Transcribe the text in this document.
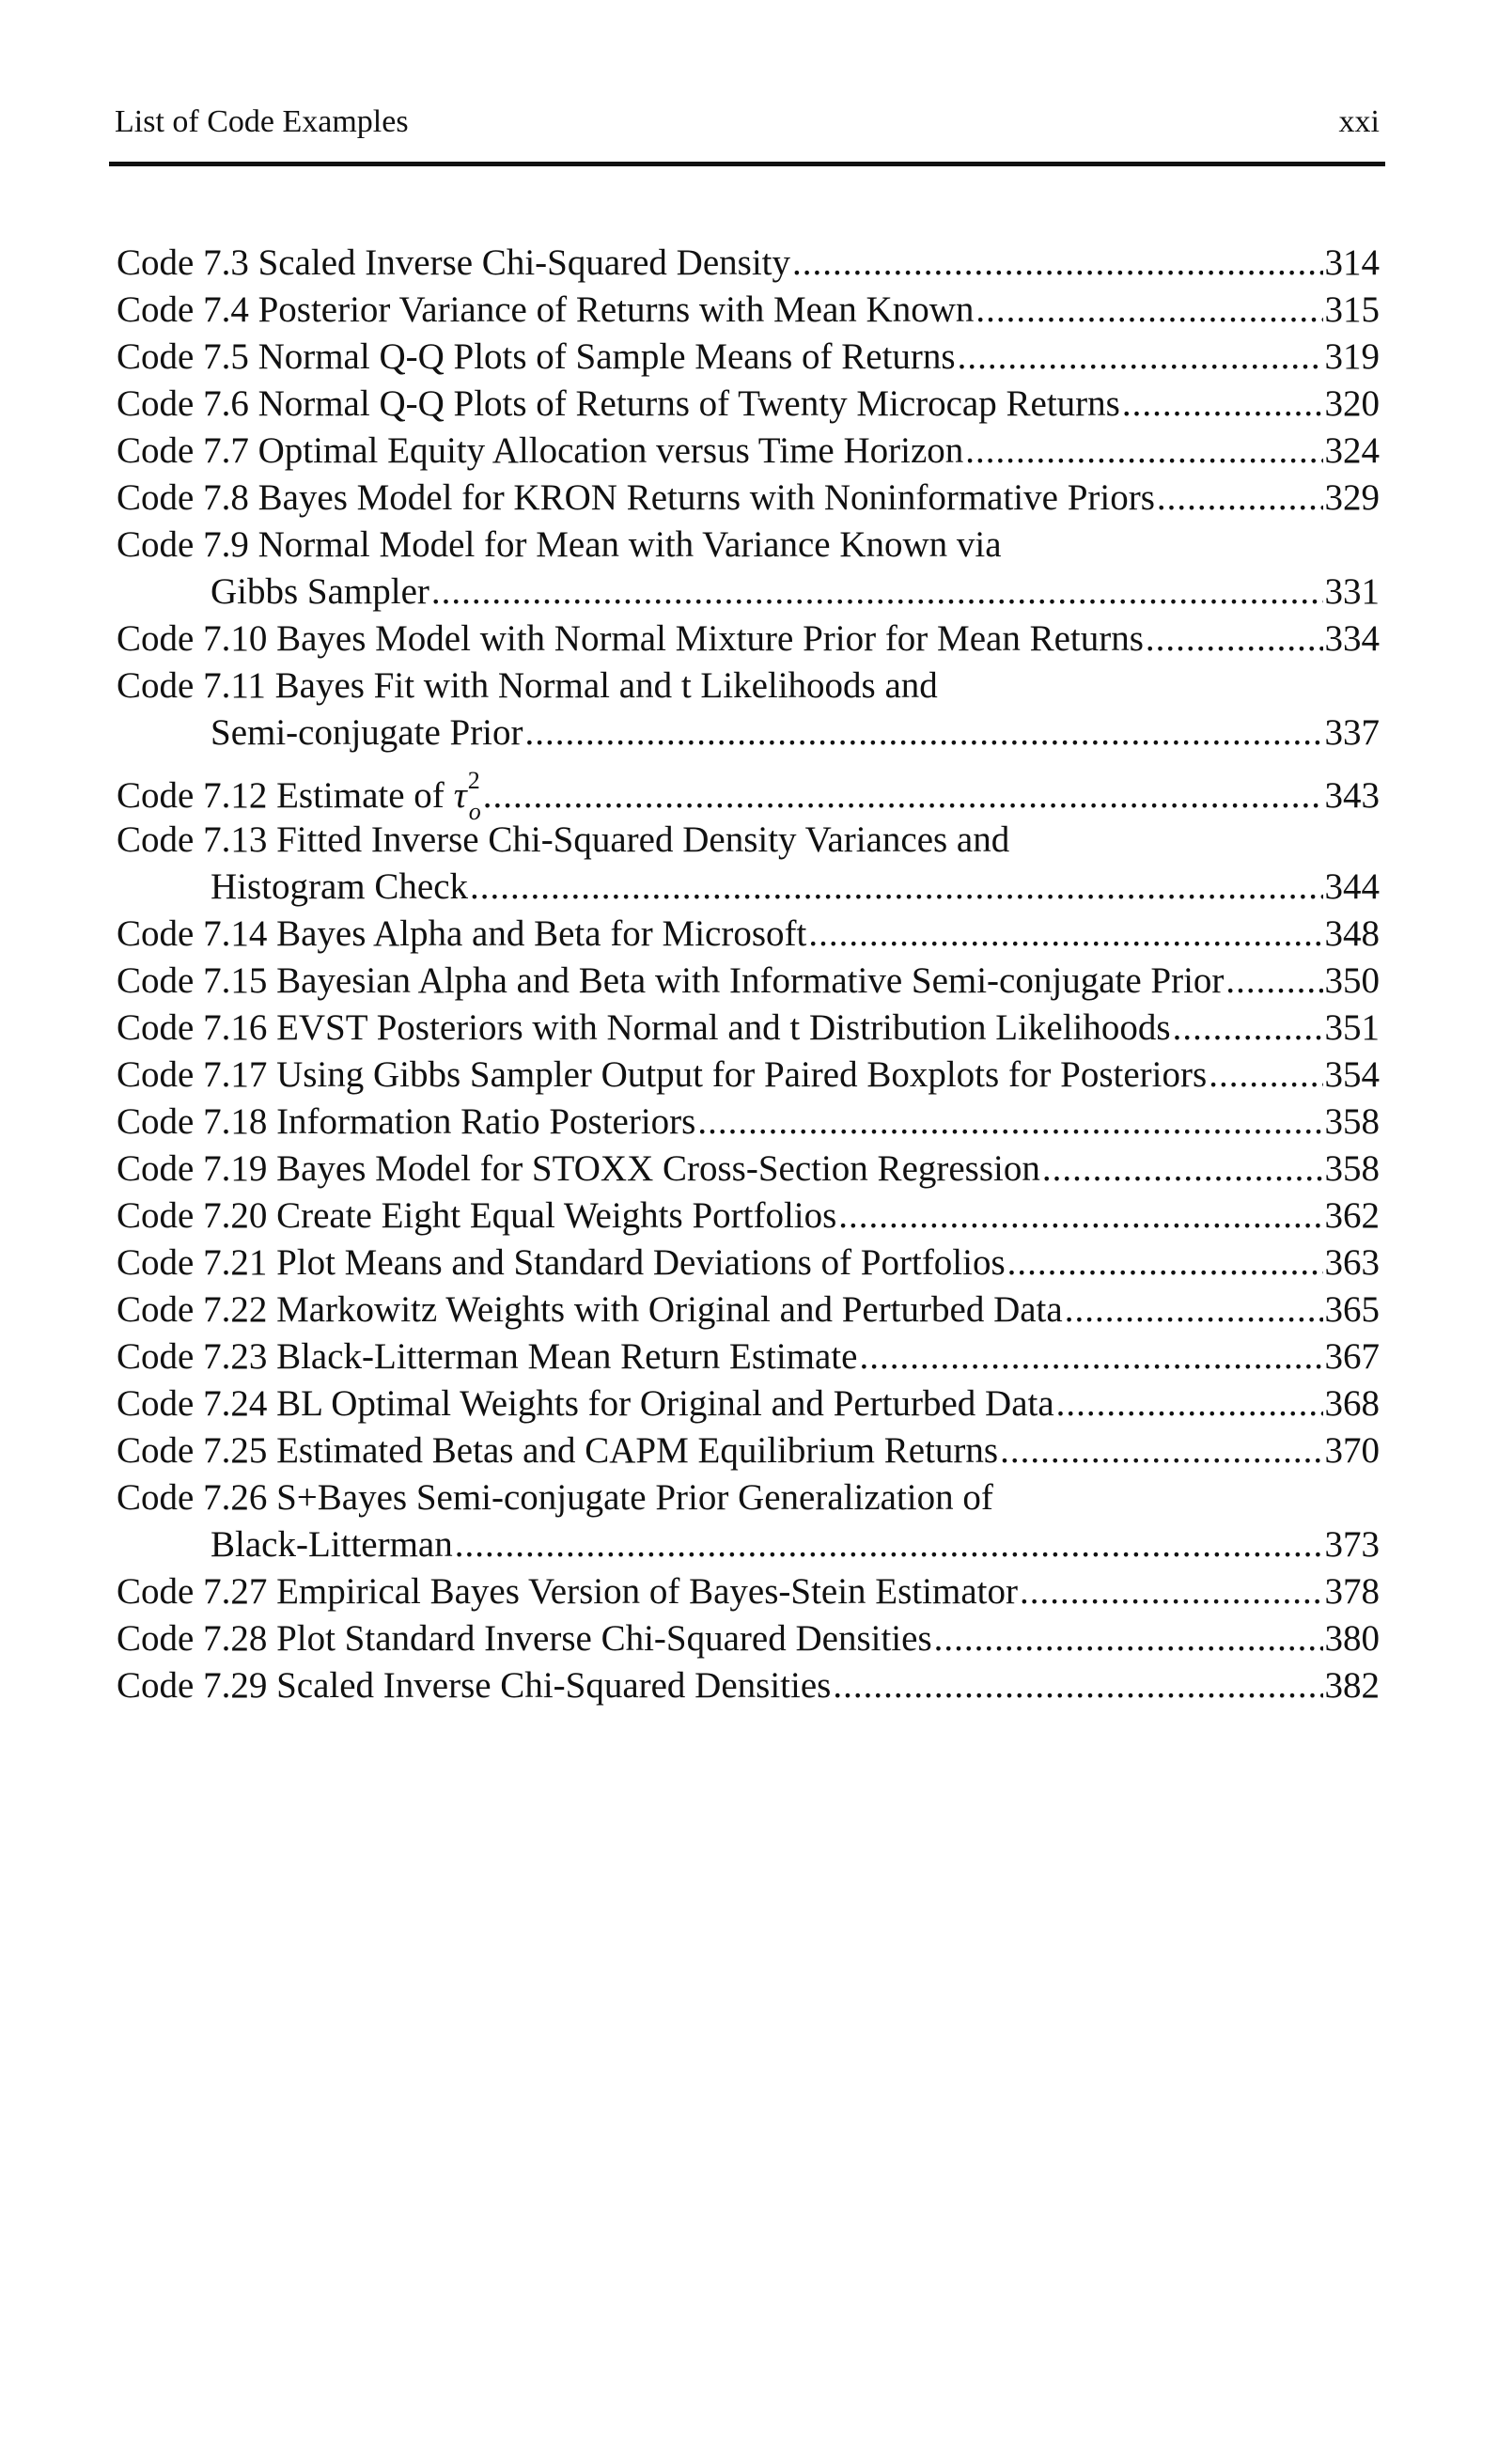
List of Code Examples	xxi
Code 7.3 Scaled Inverse Chi-Squared Density .....	314
Code 7.4 Posterior Variance of Returns with Mean Known .....	315
Code 7.5 Normal Q-Q Plots of Sample Means of Returns .....	319
Code 7.6 Normal Q-Q Plots of Returns of Twenty Microcap Returns .....	320
Code 7.7 Optimal Equity Allocation versus Time Horizon .....	324
Code 7.8 Bayes Model for KRON Returns with Noninformative Priors .....	329
Code 7.9 Normal Model for Mean with Variance Known via
Gibbs Sampler .....	331
Code 7.10 Bayes Model with Normal Mixture Prior for Mean Returns .....	334
Code 7.11 Bayes Fit with Normal and t Likelihoods and
Semi-conjugate Prior .....	337
Code 7.12 Estimate of $\tau^2_o$ .....	343
Code 7.13 Fitted Inverse Chi-Squared Density Variances and
Histogram Check .....	344
Code 7.14 Bayes Alpha and Beta for Microsoft .....	348
Code 7.15 Bayesian Alpha and Beta with Informative Semi-conjugate Prior .....	350
Code 7.16 EVST Posteriors with Normal and t Distribution Likelihoods .....	351
Code 7.17 Using Gibbs Sampler Output for Paired Boxplots for Posteriors .....	354
Code 7.18 Information Ratio Posteriors .....	358
Code 7.19 Bayes Model for STOXX Cross-Section Regression .....	358
Code 7.20 Create Eight Equal Weights Portfolios .....	362
Code 7.21 Plot Means and Standard Deviations of Portfolios .....	363
Code 7.22 Markowitz Weights with Original and Perturbed Data .....	365
Code 7.23 Black-Litterman Mean Return Estimate .....	367
Code 7.24 BL Optimal Weights for Original and Perturbed Data .....	368
Code 7.25 Estimated Betas and CAPM Equilibrium Returns .....	370
Code 7.26 S+Bayes Semi-conjugate Prior Generalization of
Black-Litterman .....	373
Code 7.27 Empirical Bayes Version of Bayes-Stein Estimator .....	378
Code 7.28 Plot Standard Inverse Chi-Squared Densities .....	380
Code 7.29 Scaled Inverse Chi-Squared Densities .....	382
